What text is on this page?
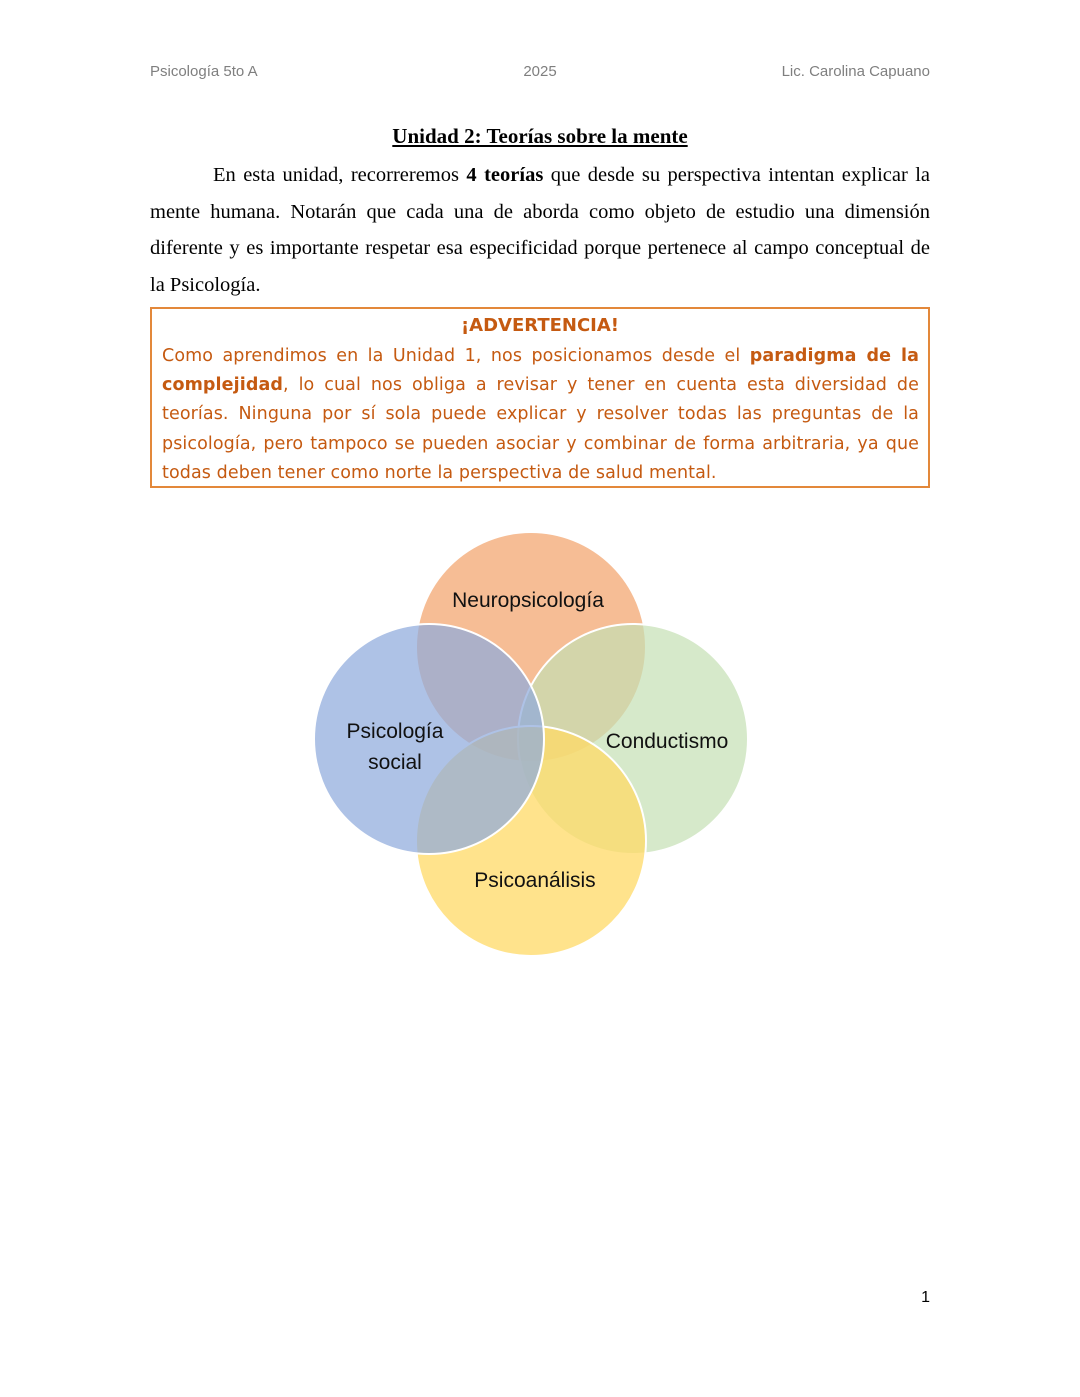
Psicología 5to A	2025	Lic. Carolina Capuano
Unidad 2: Teorías sobre la mente

En esta unidad, recorreremos 4 teorías que desde su perspectiva intentan explicar la mente humana. Notarán que cada una de aborda como objeto de estudio una dimensión diferente y es importante respetar esa especificidad porque pertenece al campo conceptual de la Psicología.

¡ADVERTENCIA!

Como aprendimos en la Unidad 1, nos posicionamos desde el paradigma de la complejidad, lo cual nos obliga a revisar y tener en cuenta esta diversidad de teorías. Ninguna por sí sola puede explicar y resolver todas las preguntas de la psicología, pero tampoco se pueden asociar y combinar de forma arbitraria, ya que todas deben tener como norte la perspectiva de salud mental.

Neuropsicología
Conductismo
Psicoanálisis
Psicología
social
1
